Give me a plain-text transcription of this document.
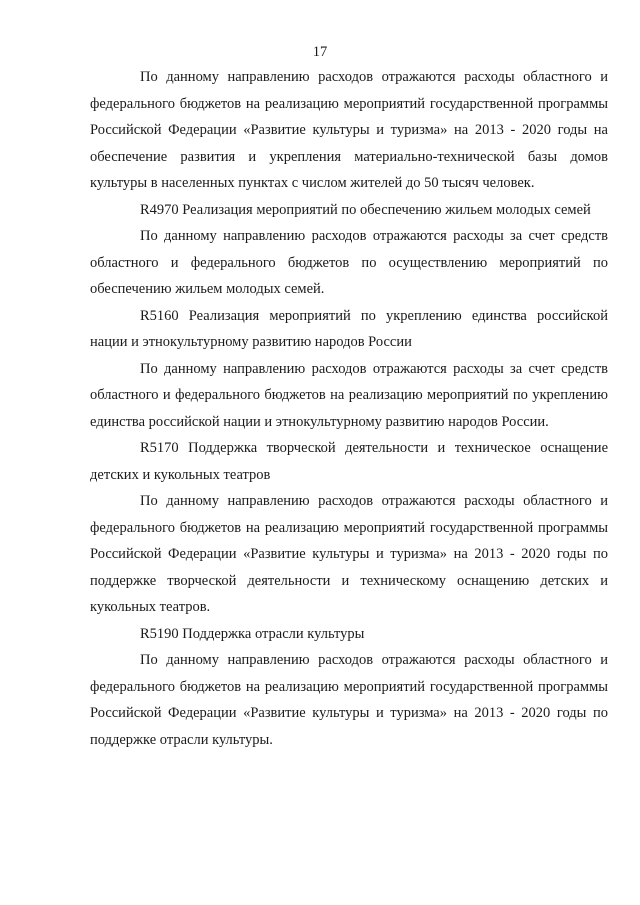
17

По данному направлению расходов отражаются расходы областного и федерального бюджетов на реализацию мероприятий государственной программы Российской Федерации «Развитие культуры и туризма» на 2013 - 2020 годы на обеспечение развития и укрепления материально-технической базы домов культуры в населенных пунктах с числом жителей до 50 тысяч человек.

R4970 Реализация мероприятий по обеспечению жильем молодых семей

По данному направлению расходов отражаются расходы за счет средств областного и федерального бюджетов по осуществлению мероприятий по обеспечению жильем молодых семей.

R5160 Реализация мероприятий по укреплению единства российской нации и этнокультурному развитию народов России

По данному направлению расходов отражаются расходы за счет средств областного и федерального бюджетов на реализацию мероприятий по укреплению единства российской нации и этнокультурному развитию народов России.

R5170 Поддержка творческой деятельности и техническое оснащение детских и кукольных театров

По данному направлению расходов отражаются расходы областного и федерального бюджетов на реализацию мероприятий государственной программы Российской Федерации «Развитие культуры и туризма» на 2013 - 2020 годы по поддержке творческой деятельности и техническому оснащению детских и кукольных театров.

R5190 Поддержка отрасли культуры

По данному направлению расходов отражаются расходы областного и федерального бюджетов на реализацию мероприятий государственной программы Российской Федерации «Развитие культуры и туризма» на 2013 - 2020 годы по поддержке отрасли культуры.
